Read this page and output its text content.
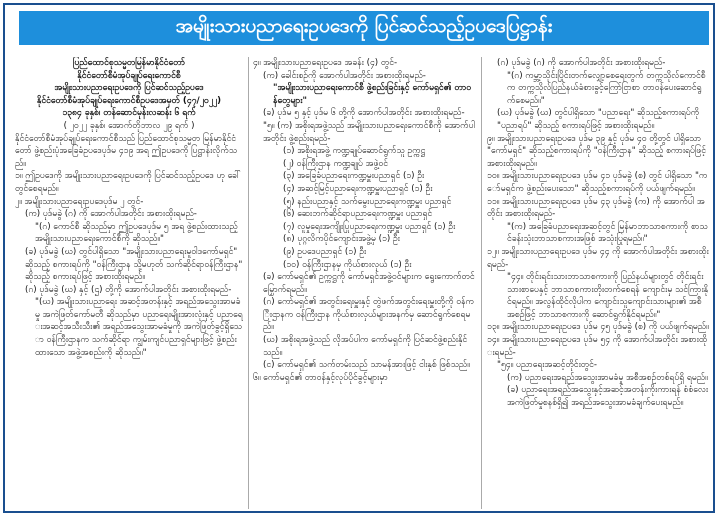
အမျိုးသားပညာရေးဥပဒေကို ပြင်ဆင်သည့်ဥပဒေပြဋ္ဌာန်း

ပြည်ထောင်စုသမ္မတမြန်မာနိုင်ငံတော်

နိုင်ငံတော်စီမံအုပ်ချုပ်ရေးကောင်စီ

အမျိုးသားပညာရေးဥပဒေကို ပြင်ဆင်သည့်ဥပဒေ

နိုင်ငံတော်စီမံအုပ်ချုပ်ရေးကောင်စီဥပဒေအမှတ် (၄၇/၂၀၂၂)

၁၃၈၄ ခုနှစ်၊ တန်ဆောင်မုန်းလဆန်း ၆ ရက်

( ၂၀၂၂ ခုနှစ်၊ အောက်တိုဘာလ ၂၉ ရက် )

နိုင်ငံတော်စီမံအုပ်ချုပ်ရေးကောင်စီသည် ပြည်ထောင်စုသမ္မတ မြန်မာနိုင်ငံတော် ဖွဲ့စည်းပုံအခြေခံဥပဒေပုဒ်မ ၄၁၉ အရ ဤဥပဒေကို ပြဋ္ဌာန်းလိုက်သည်။

၁။ ဤဥပဒေကို အမျိုးသားပညာရေးဥပဒေကို ပြင်ဆင်သည့်ဥပဒေ ဟု ခေါ်တွင်စေရမည်။

၂။ အမျိုးသားပညာရေးဥပဒေပုဒ်မ ၂ တွင်-

(က) ပုဒ်မခွဲ (ဂ) ကို အောက်ပါအတိုင်း အစားထိုးရမည်-

"(ဂ) ကောင်စီ ဆိုသည်မှာ ဤဥပဒေပုဒ်မ ၅ အရ ဖွဲ့စည်းထားသည့် အမျိုးသားပညာရေးကောင်စီကို ဆိုသည်။"

(ခ) ပုဒ်မခွဲ (ဃ) တွင်ပါရှိသော "အမျိုးသားပညာရေးမူဝါဒကော်မရှင်" ဆိုသည့် စကားရပ်ကို "ဝန်ကြီးဌာန သို့မဟုတ် သက်ဆိုင်ရာဝန်ကြီးဌာန" ဆိုသည့် စကားရပ်ဖြင့် အစားထိုးရမည်။

(ဂ) ပုဒ်မခွဲ (ဃ) နှင့် (ဌ) တို့ကို အောက်ပါအတိုင်း အစားထိုးရမည်-

"(ဃ) အမျိုးသားပညာရေး အဆင့်အတန်းနှင့် အရည်အသွေးအာမခံမှု အကဲဖြတ်ကော်မတီ ဆိုသည်မှာ ပညာရေးမျိုးအားလုံးနှင့် ပညာရေးအဆင့်အသီးသီး၏ အရည်အသွေးအာမခံမှုကို အကဲဖြတ်ခွင့်ရှိသော ဝန်ကြီးဌာနက သက်ဆိုင်ရာ ကျွမ်းကျင်ပညာရှင်များဖြင့် ဖွဲ့စည်းထားသော အဖွဲ့အစည်းကို ဆိုသည်။"

၄။ အမျိုးသားပညာရေးဥပဒေ အခန်း (၄) တွင်-

(က) ခေါင်းစဉ်ကို အောက်ပါအတိုင်း အစားထိုးရမည်-

"အမျိုးသားပညာရေးကောင်စီ ဖွဲ့စည်းခြင်းနှင့် ကော်မရှင်၏ တာဝန်တွေများ"

(ခ) ပုဒ်မ ၅ နှင့် ပုဒ်မ ၆ တို့ကို အောက်ပါအတိုင်း အစားထိုးရမည်-

"၅။ (က) အစိုးရအဖွဲ့သည် အမျိုးသားပညာရေးကောင်စီကို အောက်ပါအတိုင်း ဖွဲ့စည်းရမည်-

(၁) အစိုးရအဖွဲ့ ကဏ္ဍချုပ်ဆောင်ရွက်သူ ဥက္ကဋ္ဌ

(၂) ဝန်ကြီးဌာန ကဏ္ဍချုပ် အဖွဲ့ဝင်

(၃) အခြေခံပညာရေးကဏ္ဍမှူးပညာရှင် (၁) ဦး

(၄) အဆင့်မြင့်ပညာရေးကဏ္ဍမှူးပညာရှင် (၁) ဦး

(၅) နည်းပညာနှင့် သက်မွေးပညာရေးကဏ္ဍမှူး ပညာရှင်

(၆) ဆေးဘက်ဆိုင်ရာပညာရေးကဏ္ဍမှူး ပညာရှင်

(၇) လူမှုရေးအကျိုးပြုပညာရေးကဏ္ဍမှူး ပညာရှင် (၁) ဦး

(၈) ပုဂ္ဂလိကပိုင်ကျောင်းအဖွဲ့မှ (၁) ဦး

(၉) ဥပဒေပညာရှင် (၁) ဦး

(၁၀) ဝန်ကြီးဌာနမှ ကိုယ်စားလှယ် (၁) ဦး

(ခ) ကော်မရှင်၏ ဥက္ကဋ္ဌကို ကော်မရှင်အဖွဲ့ဝင်များက ရွေးကောက်တင်မြှောက်ရမည်။

(ဂ) ကော်မရှင်၏ အတွင်းရေးမှူးနှင့် တွဲဖက်အတွင်းရေးမှူးတို့ကို ဝန်ကြီးဌာနက ဝန်ကြီးဌာန ကိုယ်စားလှယ်များအနက်မှ ဆောင်ရွက်စေရမည်။

(ဃ) အစိုးရအဖွဲ့သည် လိုအပ်ပါက ကော်မရှင်ကို ပြင်ဆင်ဖွဲ့စည်းနိုင်သည်။

(င) ကော်မရှင်၏ သက်တမ်းသည် သာမန်အားဖြင့် ငါးနှစ် ဖြစ်သည်။

၆။ ကော်မရှင်၏ တာဝန်နှင့်လုပ်ပိုင်ခွင့်များမှာ

(ဂ) ပုဒ်မခွဲ (ဂ) ကို အောက်ပါအတိုင်း အစားထိုးရမည်-

"(ဂ) ကမ္ဘာ့သိုင်းပြိုင်းတက်လျှော့စေရေးတွက် တက္ကသိုလ်ကောင်စီက တက္ကသိုလ်ပြည်နယ်ခံစားခွင့်ကြော်ငြာစာ တာဝန်ပေးဆောင်ရွက်စေမည်။"

(ဃ) ပုဒ်မခွဲ (ဃ) တွင်ပါရှိသော "ပညာရေး" ဆိုသည့်စကားရပ်ကို "ပညာရပ်" ဆိုသည့် စကားရပ်ဖြင့် အစားထိုးရမည်။

၉။ အမျိုးသားပညာရေးဥပဒေ ပုဒ်မ ၃၉ နှင့် ပုဒ်မ ၄၀ တို့တွင် ပါရှိသော "ကော်မရှင်" ဆိုသည့်စကားရပ်ကို "ဝန်ကြီးဌာန" ဆိုသည့် စကားရပ်ဖြင့် အစားထိုးရမည်။

၁၀။ အမျိုးသားပညာရေးဥပဒေ ပုဒ်မ ၄၁ ပုဒ်မခွဲ (စ) တွင် ပါရှိသော "ကော်မရှင်က ဖွဲ့စည်းပေးသော" ဆိုသည့်စကားရပ်ကို ပယ်ဖျက်ရမည်။

၁၁။ အမျိုးသားပညာရေးဥပဒေ ပုဒ်မ ၄၃ ပုဒ်မခွဲ (က) ကို အောက်ပါ အတိုင်း အစားထိုးရမည်-

"(က) အခြေခံပညာရေးအဆင့်တွင် မြန်မာဘာသာစကားကို စာသင်ခန်းသုံးဘာသာစကားအဖြစ် အသုံးပြုရမည်။"

၁၂။ အမျိုးသားပညာရေးဥပဒေ ပုဒ်မ ၄၄ ကို အောက်ပါအတိုင်း အစားထိုးရမည်-

"၄၄။ တိုင်းရင်းသားဘာသာစကားကို ပြည်နယ်များတွင် တိုင်းရင်းသားစာပေနှင့် ဘာသာစကားတိုးတက်စေရန် ကျောင်းမှ သင်ကြားနိုင်ရမည်။ အလွန်ထိုင်လိုပါက ကျောင်းသူကျောင်းသားများ၏ အစီအစဉ်ဖြင့် ဘာသာစကားကို ဆောင်ရွက်နိုင်ရမည်။"

၁၃။ အမျိုးသားပညာရေးဥပဒေ ပုဒ်မ ၄၅ ပုဒ်မခွဲ (စ) ကို ပယ်ဖျက်ရမည်။

၁၄။ အမျိုးသားပညာရေးဥပဒေ ပုဒ်မ ၅၄ ကို အောက်ပါအတိုင်း အစားထိုးရမည်-

"၅၄။ ပညာရေးအဆင့်တိုင်းတွင်-

(က) ပညာရေးအရည်အသွေးအာမခံမှု အစီအစဉ်တစ်ရပ်ရှိ ရမည်။

(ခ) ပညာရေးအရည်အသွေးနှင့်အဆင့်အတန်းကိုးကားရန် စံစံလေးအကဲဖြတ်မှုစနစ်ရှိ၍ အရည်အသွေးအာမခံချက်ပေးရမည်။
